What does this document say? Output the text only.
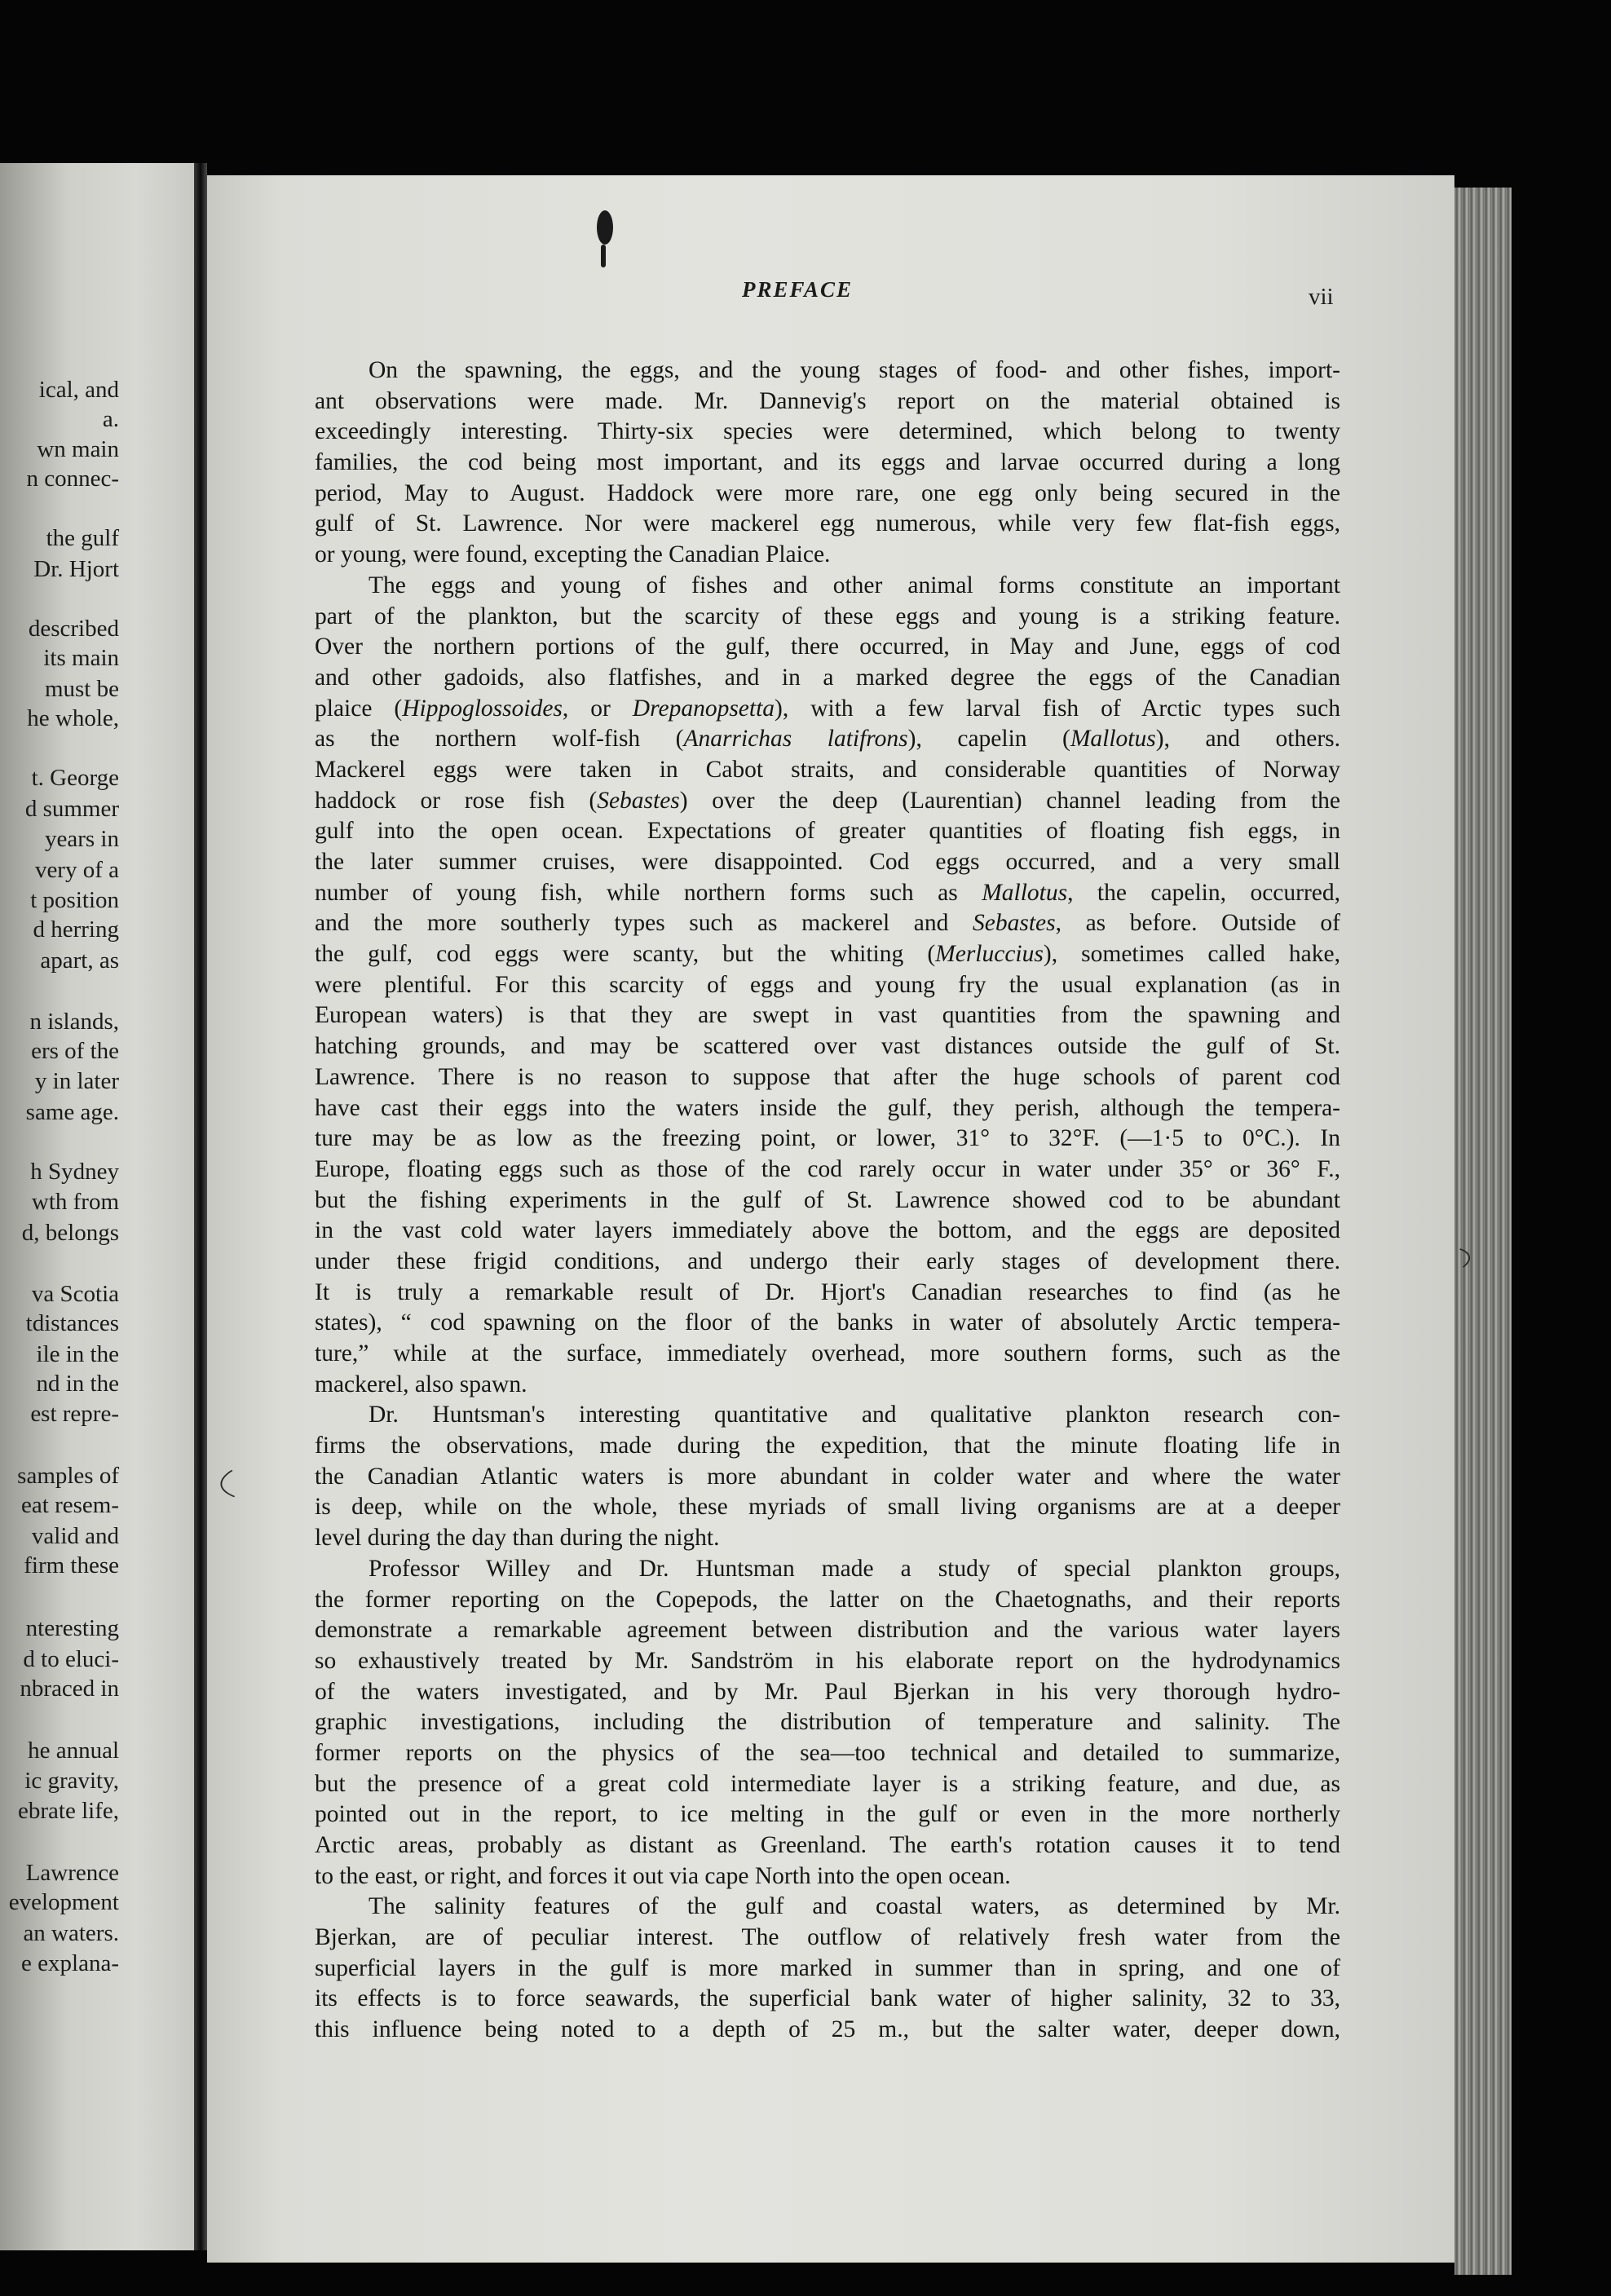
ical, and

a.

wn main

n connec-

the gulf

Dr. Hjort

described

its main

must be

he whole,

t. George

d summer

years in

very of a

t position

d herring

apart, as

n islands,

ers of the

y in later

same age.

h Sydney

wth from

d, belongs

va Scotia

tdistances

ile in the

nd in the

est repre-

samples of

eat resem-

valid and

firm these

nteresting

d to eluci-

nbraced in

he annual

ic gravity,

ebrate life,

Lawrence

evelopment

an waters.

e explana-

PREFACE	vii

On the spawning, the eggs, and the young stages of food- and other fishes, import-
ant observations were made. Mr. Dannevig's report on the material obtained is
exceedingly interesting. Thirty-six species were determined, which belong to twenty
families, the cod being most important, and its eggs and larvae occurred during a long
period, May to August. Haddock were more rare, one egg only being secured in the
gulf of St. Lawrence. Nor were mackerel egg numerous, while very few flat-fish eggs,
or young, were found, excepting the Canadian Plaice.
The eggs and young of fishes and other animal forms constitute an important
part of the plankton, but the scarcity of these eggs and young is a striking feature.
Over the northern portions of the gulf, there occurred, in May and June, eggs of cod
and other gadoids, also flatfishes, and in a marked degree the eggs of the Canadian
plaice (Hippoglossoides, or Drepanopsetta), with a few larval fish of Arctic types such
as the northern wolf-fish (Anarrichas latifrons), capelin (Mallotus), and others.
Mackerel eggs were taken in Cabot straits, and considerable quantities of Norway
haddock or rose fish (Sebastes) over the deep (Laurentian) channel leading from the
gulf into the open ocean. Expectations of greater quantities of floating fish eggs, in
the later summer cruises, were disappointed. Cod eggs occurred, and a very small
number of young fish, while northern forms such as Mallotus, the capelin, occurred,
and the more southerly types such as mackerel and Sebastes, as before. Outside of
the gulf, cod eggs were scanty, but the whiting (Merluccius), sometimes called hake,
were plentiful. For this scarcity of eggs and young fry the usual explanation (as in
European waters) is that they are swept in vast quantities from the spawning and
hatching grounds, and may be scattered over vast distances outside the gulf of St.
Lawrence. There is no reason to suppose that after the huge schools of parent cod
have cast their eggs into the waters inside the gulf, they perish, although the tempera-
ture may be as low as the freezing point, or lower, 31° to 32°F. (—1·5 to 0°C.). In
Europe, floating eggs such as those of the cod rarely occur in water under 35° or 36° F.,
but the fishing experiments in the gulf of St. Lawrence showed cod to be abundant
in the vast cold water layers immediately above the bottom, and the eggs are deposited
under these frigid conditions, and undergo their early stages of development there.
It is truly a remarkable result of Dr. Hjort's Canadian researches to find (as he
states), “ cod spawning on the floor of the banks in water of absolutely Arctic tempera-
ture,” while at the surface, immediately overhead, more southern forms, such as the
mackerel, also spawn.
Dr. Huntsman's interesting quantitative and qualitative plankton research con-
firms the observations, made during the expedition, that the minute floating life in
the Canadian Atlantic waters is more abundant in colder water and where the water
is deep, while on the whole, these myriads of small living organisms are at a deeper
level during the day than during the night.
Professor Willey and Dr. Huntsman made a study of special plankton groups,
the former reporting on the Copepods, the latter on the Chaetognaths, and their reports
demonstrate a remarkable agreement between distribution and the various water layers
so exhaustively treated by Mr. Sandström in his elaborate report on the hydrodynamics
of the waters investigated, and by Mr. Paul Bjerkan in his very thorough hydro-
graphic investigations, including the distribution of temperature and salinity. The
former reports on the physics of the sea—too technical and detailed to summarize,
but the presence of a great cold intermediate layer is a striking feature, and due, as
pointed out in the report, to ice melting in the gulf or even in the more northerly
Arctic areas, probably as distant as Greenland. The earth's rotation causes it to tend
to the east, or right, and forces it out via cape North into the open ocean.
The salinity features of the gulf and coastal waters, as determined by Mr.
Bjerkan, are of peculiar interest. The outflow of relatively fresh water from the
superficial layers in the gulf is more marked in summer than in spring, and one of
its effects is to force seawards, the superficial bank water of higher salinity, 32 to 33,
this influence being noted to a depth of 25 m., but the salter water, deeper down,
